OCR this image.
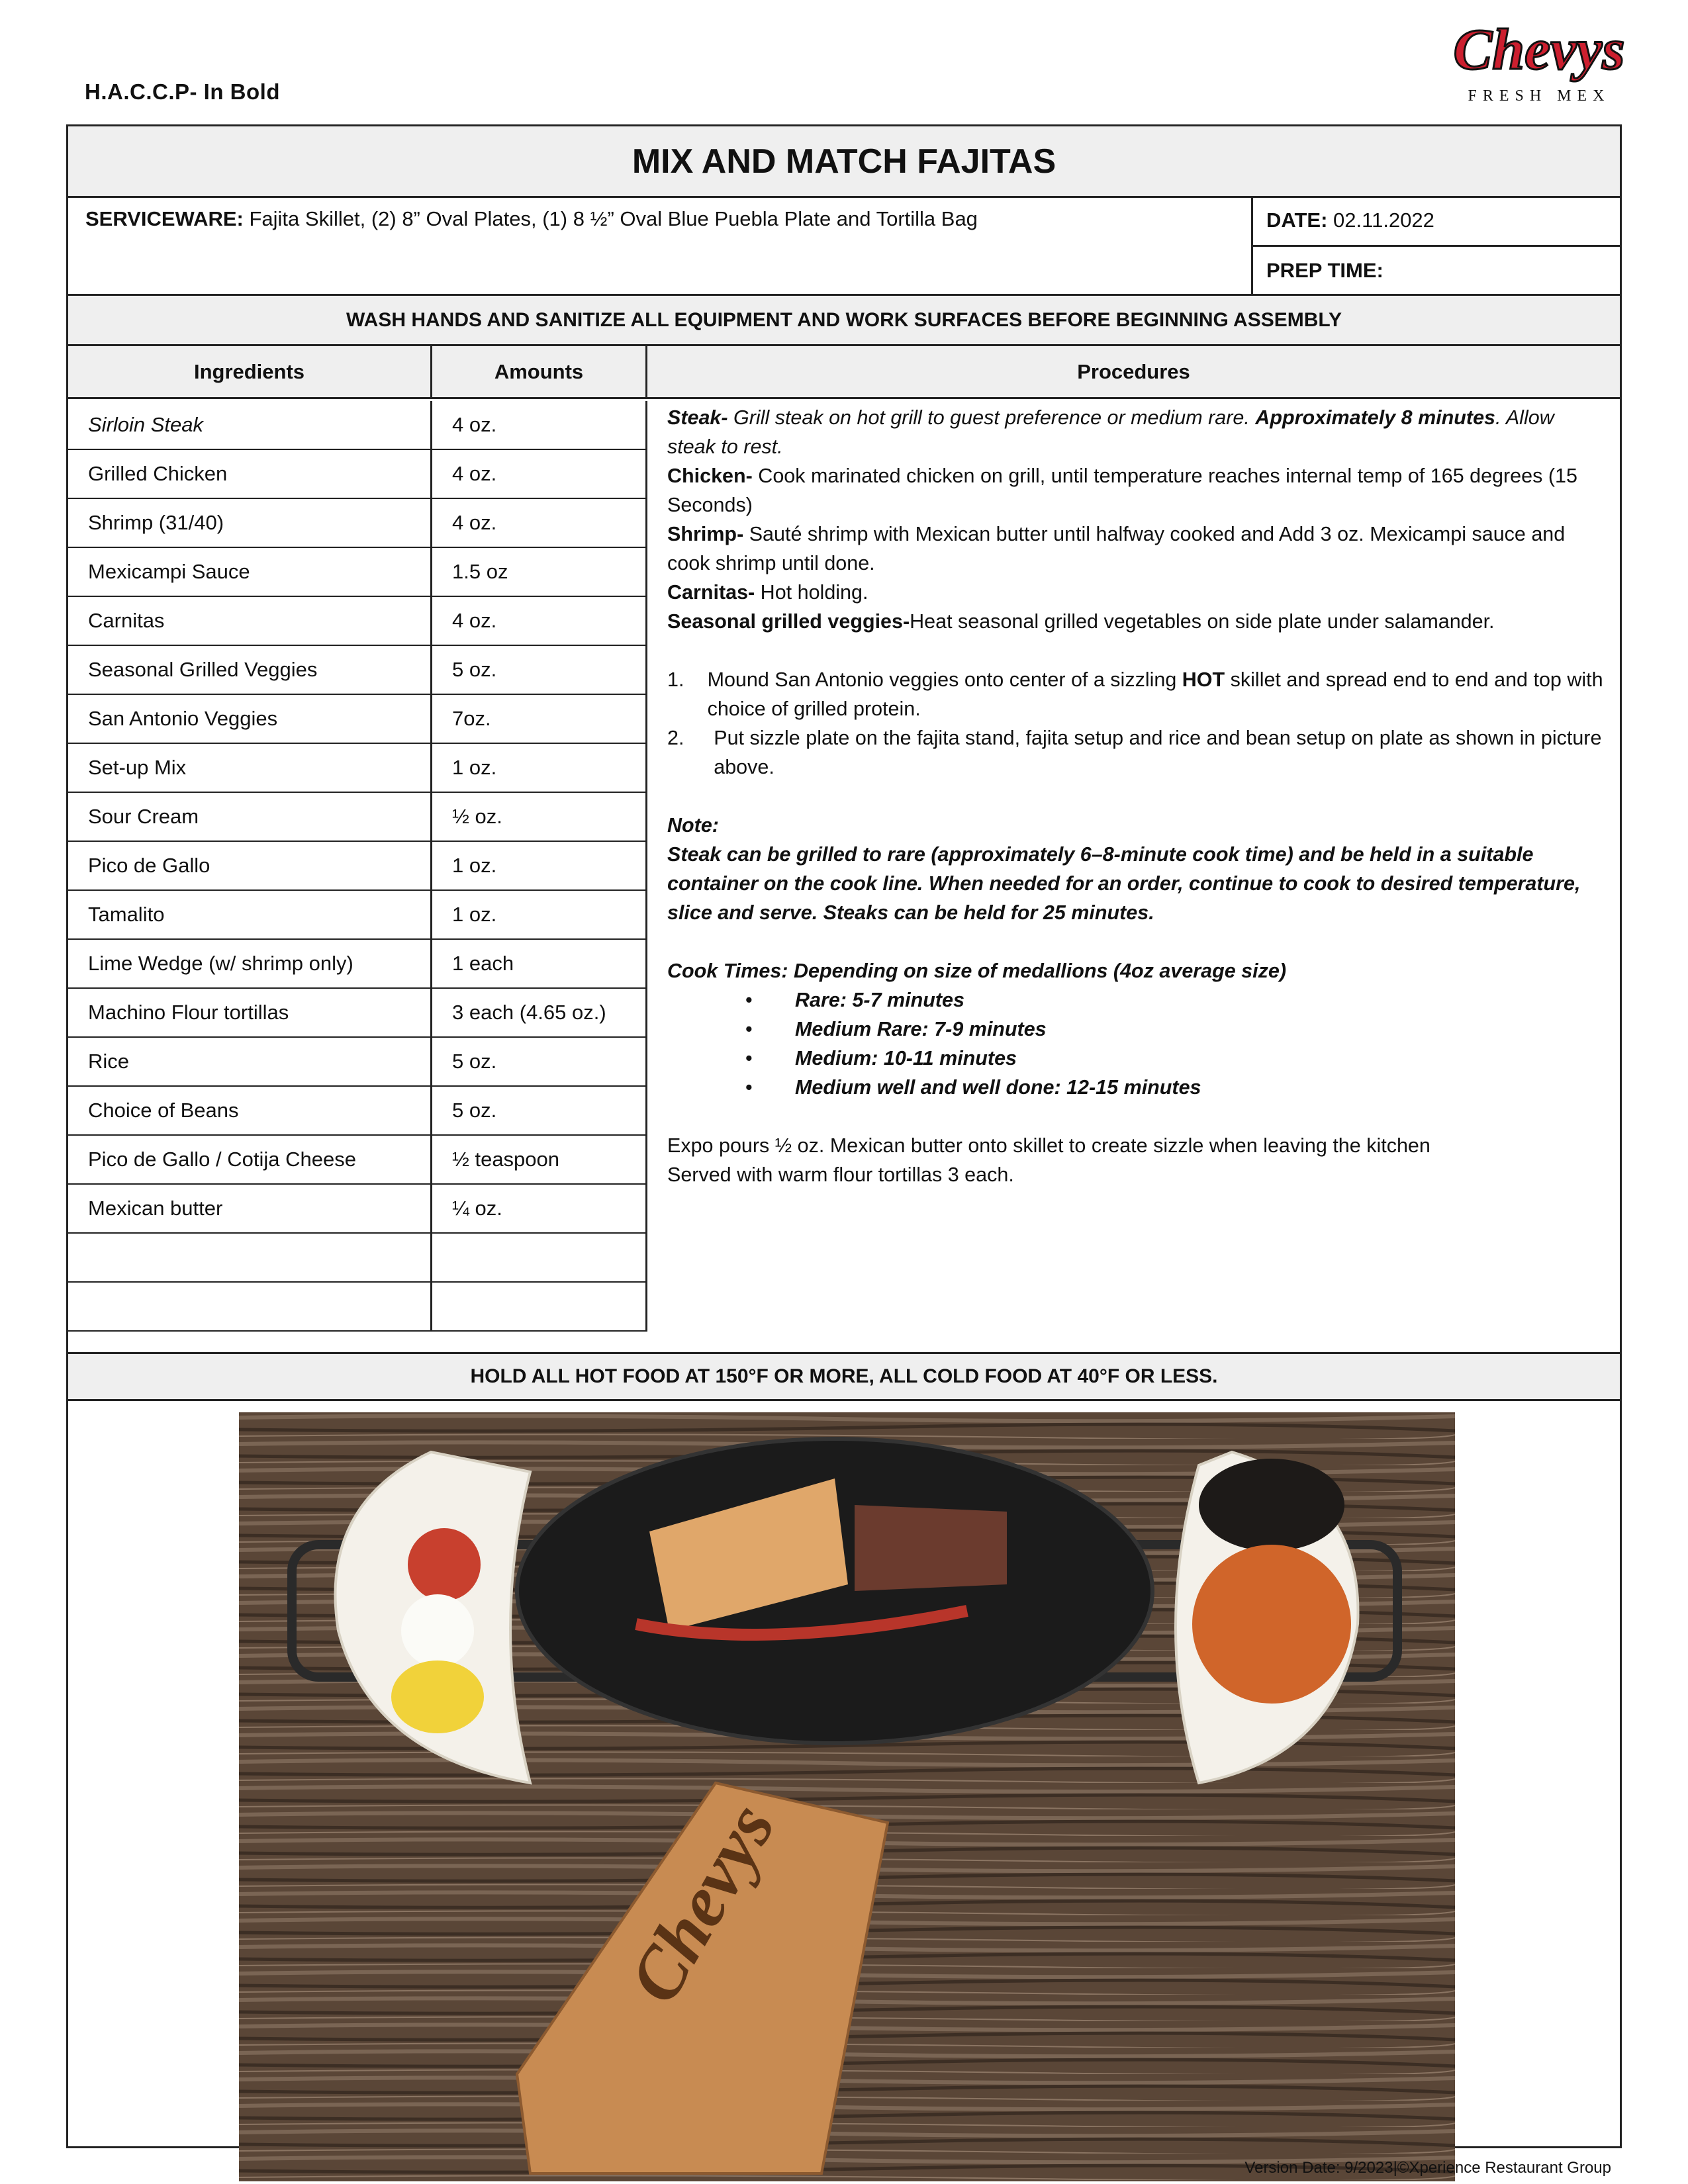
H.A.C.C.P- In Bold
Chevys
FRESH MEX
MIX AND MATCH FAJITAS
SERVICEWARE: Fajita Skillet, (2) 8” Oval Plates, (1) 8 ½” Oval Blue Puebla Plate and Tortilla Bag	DATE: 02.11.2022
PREP TIME:
WASH HANDS AND SANITIZE ALL EQUIPMENT AND WORK SURFACES BEFORE BEGINNING ASSEMBLY
Ingredients	Amounts	Procedures
Sirloin Steak	4 oz.
Grilled Chicken	4 oz.
Shrimp (31/40)	4 oz.
Mexicampi Sauce	1.5 oz
Carnitas	4 oz.
Seasonal Grilled Veggies	5 oz.
San Antonio Veggies	7oz.
Set-up Mix	1 oz.
Sour Cream	½ oz.
Pico de Gallo	1 oz.
Tamalito	1 oz.
Lime Wedge (w/ shrimp only)	1 each
Machino Flour tortillas	3 each (4.65 oz.)
Rice	5 oz.
Choice of Beans	5 oz.
Pico de Gallo / Cotija Cheese	½ teaspoon
Mexican butter	¼ oz.

Steak- Grill steak on hot grill to guest preference or medium rare. Approximately 8 minutes. Allow steak to rest.

Chicken- Cook marinated chicken on grill, until temperature reaches internal temp of 165 degrees (15 Seconds)

Shrimp- Sauté shrimp with Mexican butter until halfway cooked and Add 3 oz. Mexicampi sauce and cook shrimp until done.

Carnitas- Hot holding.

Seasonal grilled veggies-Heat seasonal grilled vegetables on side plate under salamander.

1.	Mound San Antonio veggies onto center of a sizzling HOT skillet and spread end to end and top with choice of grilled protein.
2.	Put sizzle plate on the fajita stand, fajita setup and rice and bean setup on plate as shown in picture above.

Note:

Steak can be grilled to rare (approximately 6–8-minute cook time) and be held in a suitable container on the cook line. When needed for an order, continue to cook to desired temperature, slice and serve. Steaks can be held for 25 minutes.

Cook Times: Depending on size of medallions (4oz average size)

•	Rare: 5-7 minutes
•	Medium Rare: 7-9 minutes
•	Medium: 10-11 minutes
•	Medium well and well done: 12-15 minutes

Expo pours ½ oz. Mexican butter onto skillet to create sizzle when leaving the kitchen

Served with warm flour tortillas 3 each.

HOLD ALL HOT FOOD AT 150°F OR MORE, ALL COLD FOOD AT 40°F OR LESS.
Chevys
Version Date: 9/2023|©Xperience Restaurant Group
